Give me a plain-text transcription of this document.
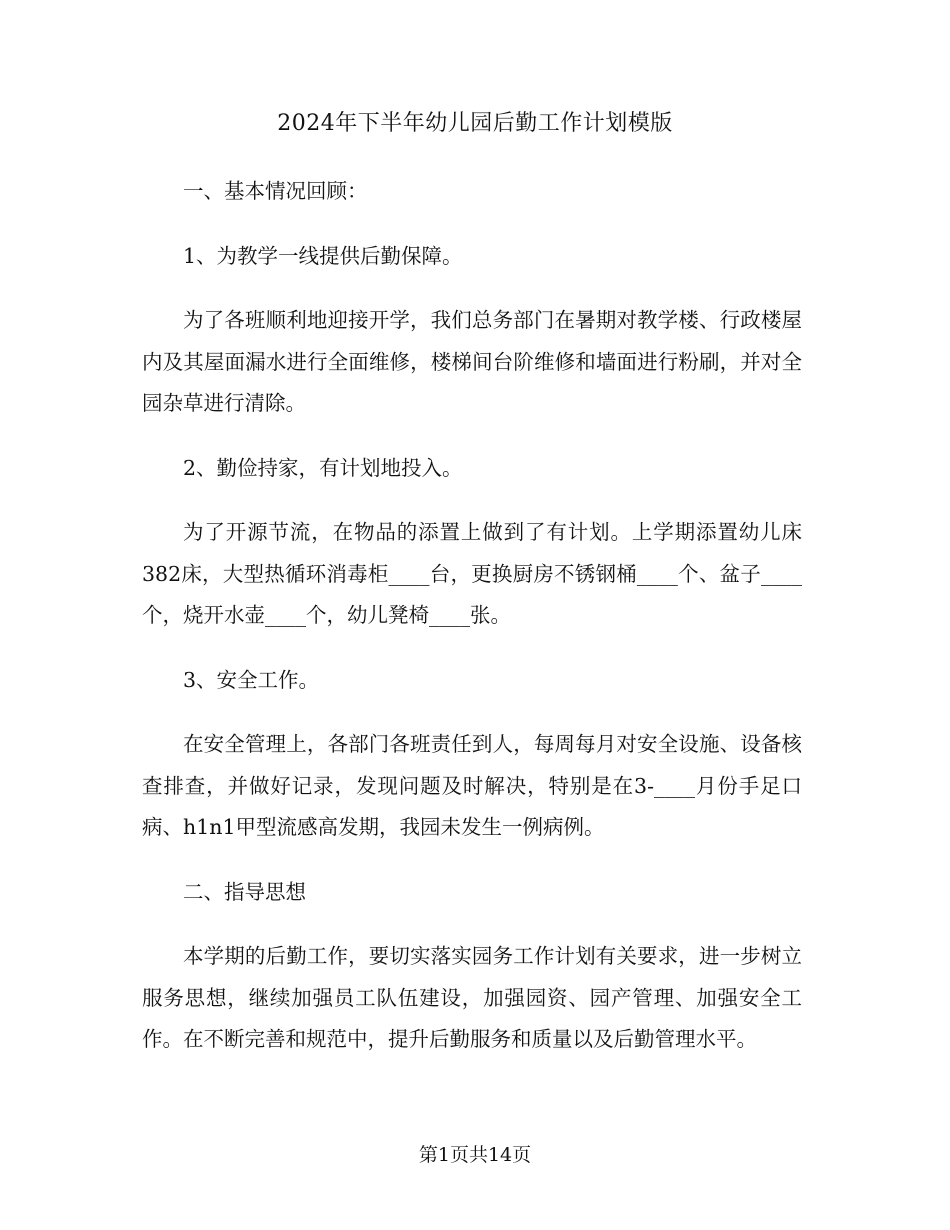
2024年下半年幼儿园后勤工作计划模版

一、基本情况回顾：

1、为教学一线提供后勤保障。

为了各班顺利地迎接开学，我们总务部门在暑期对教学楼、行政楼屋内及其屋面漏水进行全面维修，楼梯间台阶维修和墙面进行粉刷，并对全园杂草进行清除。

2、勤俭持家，有计划地投入。

为了开源节流，在物品的添置上做到了有计划。上学期添置幼儿床382床，大型热循环消毒柜____台，更换厨房不锈钢桶____个、盆子____个，烧开水壶____个，幼儿凳椅____张。

3、安全工作。

在安全管理上，各部门各班责任到人，每周每月对安全设施、设备核查排查，并做好记录，发现问题及时解决，特别是在3-____月份手足口病、h1n1甲型流感高发期，我园未发生一例病例。

二、指导思想

本学期的后勤工作，要切实落实园务工作计划有关要求，进一步树立服务思想，继续加强员工队伍建设，加强园资、园产管理、加强安全工作。在不断完善和规范中，提升后勤服务和质量以及后勤管理水平。

第1页共14页
